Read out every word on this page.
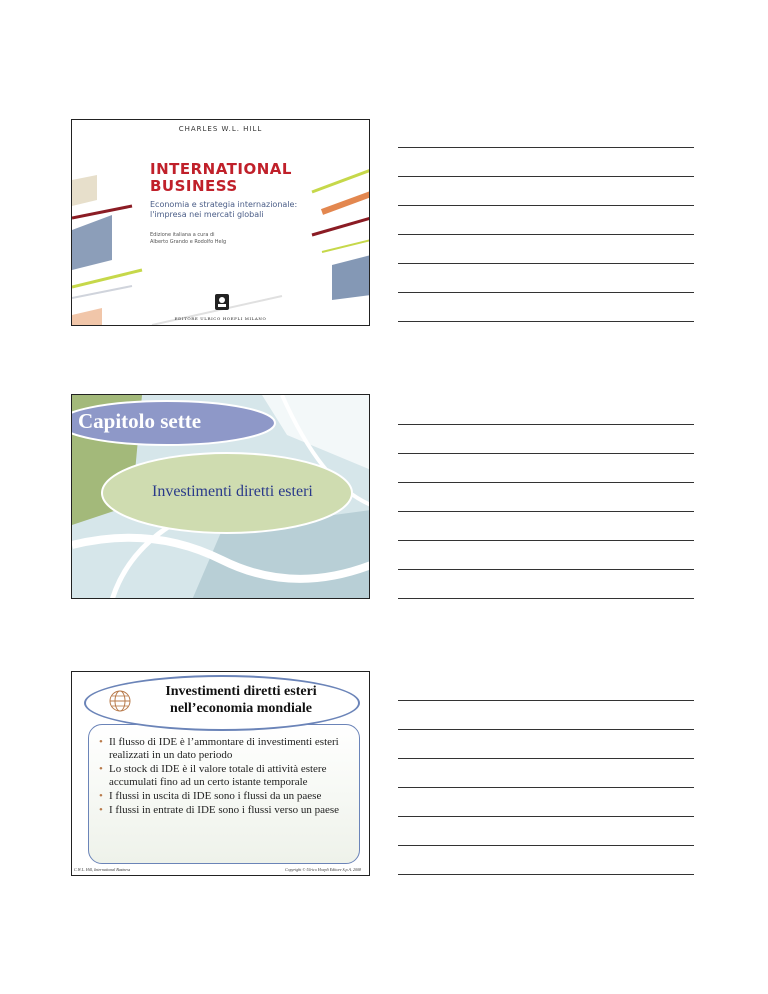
CHARLES W.L. HILL
INTERNATIONAL
BUSINESS
Economia e strategia internazionale:
l'impresa nei mercati globali
Edizione italiana a cura di
Alberto Grando e Rodolfo Helg
EDITORE ULRICO HOEPLI MILANO
Capitolo sette
Investimenti diretti esteri
Investimenti diretti esteri
nell’economia mondiale
• Il flusso di IDE è l’ammontare di investimenti esteri realizzati in un dato periodo
• Lo stock di IDE è il valore totale di attività estere accumulati fino ad un certo istante temporale
• I flussi in uscita di IDE sono i flussi da un paese
• I flussi in entrate di IDE sono i flussi verso un paese
C.W.L. Hill, International Business	Copyright © Ulrico Hoepli Editore S.p.A. 2008
